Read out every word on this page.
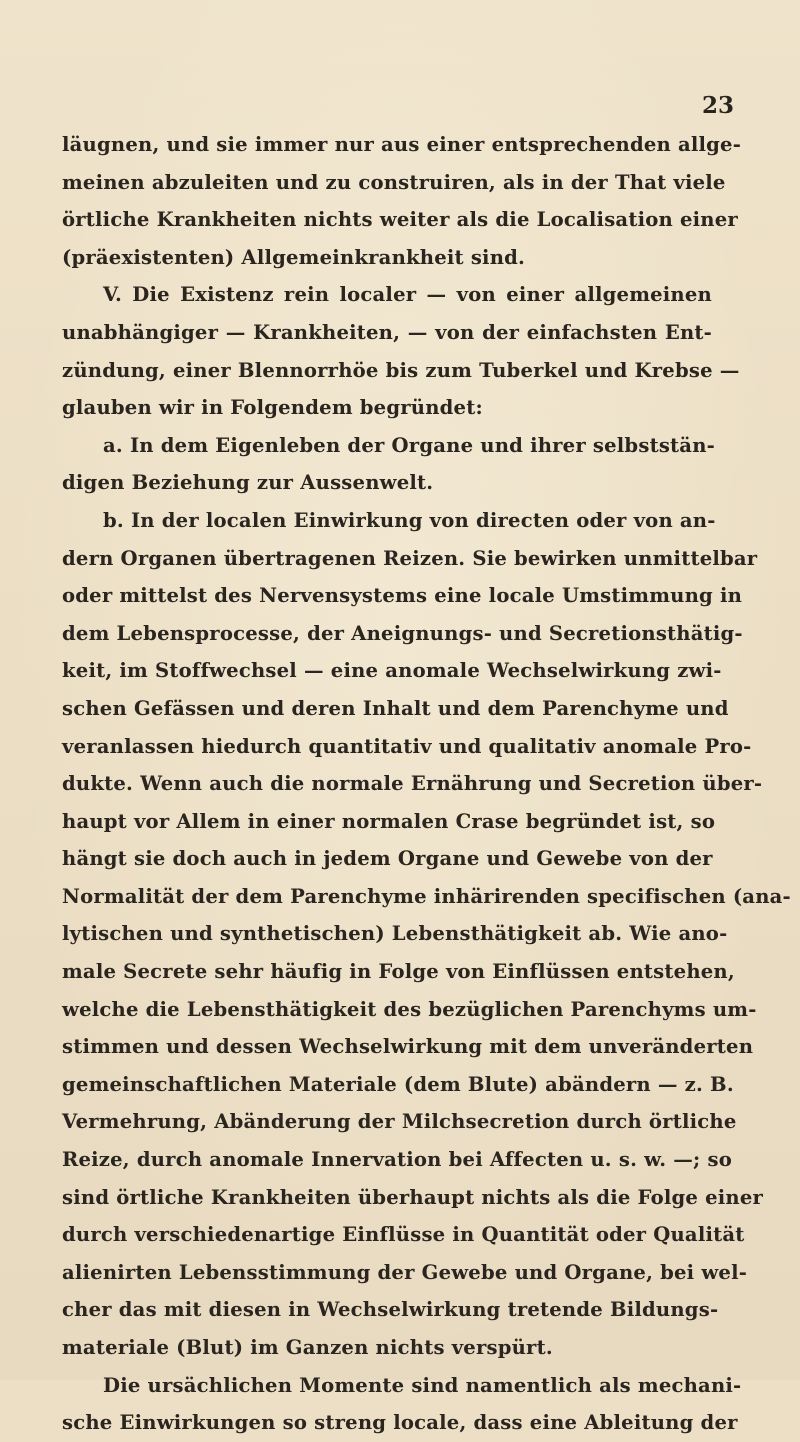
23
läugnen, und sie immer nur aus einer entsprechenden allge-
meinen abzuleiten und zu construiren, als in der That viele
örtliche Krankheiten nichts weiter als die Localisation einer
(präexistenten) Allgemeinkrankheit sind.
V. Die Existenz rein localer — von einer allgemeinen
unabhängiger — Krankheiten, — von der einfachsten Ent-
zündung, einer Blennorrhöe bis zum Tuberkel und Krebse —
glauben wir in Folgendem begründet:
a. In dem Eigenleben der Organe und ihrer selbststän-
digen Beziehung zur Aussenwelt.
b. In der localen Einwirkung von directen oder von an-
dern Organen übertragenen Reizen. Sie bewirken unmittelbar
oder mittelst des Nervensystems eine locale Umstimmung in
dem Lebensprocesse, der Aneignungs- und Secretionsthätig-
keit, im Stoffwechsel — eine anomale Wechselwirkung zwi-
schen Gefässen und deren Inhalt und dem Parenchyme und
veranlassen hiedurch quantitativ und qualitativ anomale Pro-
dukte. Wenn auch die normale Ernährung und Secretion über-
haupt vor Allem in einer normalen Crase begründet ist, so
hängt sie doch auch in jedem Organe und Gewebe von der
Normalität der dem Parenchyme inhärirenden specifischen (ana-
lytischen und synthetischen) Lebensthätigkeit ab. Wie ano-
male Secrete sehr häufig in Folge von Einflüssen entstehen,
welche die Lebensthätigkeit des bezüglichen Parenchyms um-
stimmen und dessen Wechselwirkung mit dem unveränderten
gemeinschaftlichen Materiale (dem Blute) abändern — z. B.
Vermehrung, Abänderung der Milchsecretion durch örtliche
Reize, durch anomale Innervation bei Affecten u. s. w. —; so
sind örtliche Krankheiten überhaupt nichts als die Folge einer
durch verschiedenartige Einflüsse in Quantität oder Qualität
alienirten Lebensstimmung der Gewebe und Organe, bei wel-
cher das mit diesen in Wechselwirkung tretende Bildungs-
materiale (Blut) im Ganzen nichts verspürt.
Die ursächlichen Momente sind namentlich als mechani-
sche Einwirkungen so streng locale, dass eine Ableitung der
